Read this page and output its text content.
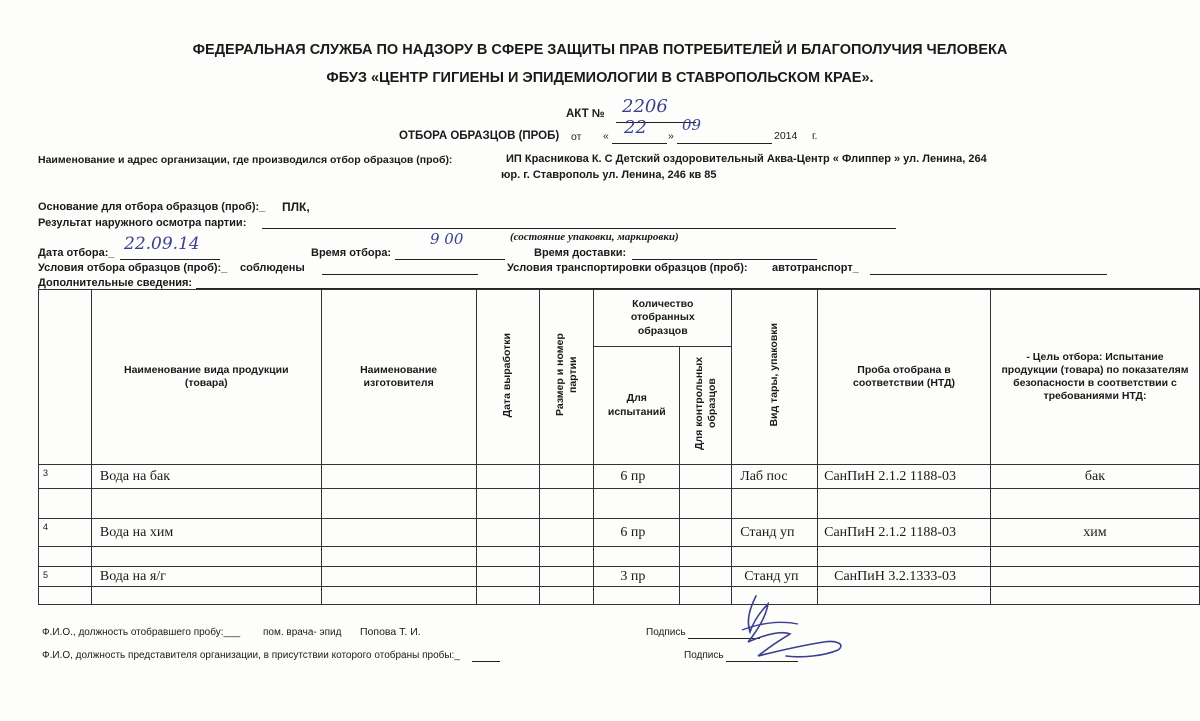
ФЕДЕРАЛЬНАЯ СЛУЖБА ПО НАДЗОРУ В СФЕРЕ ЗАЩИТЫ ПРАВ ПОТРЕБИТЕЛЕЙ И БЛАГОПОЛУЧИЯ ЧЕЛОВЕКА
ФБУЗ «ЦЕНТР ГИГИЕНЫ И ЭПИДЕМИОЛОГИИ В СТАВРОПОЛЬСКОМ КРАЕ».
АКТ № 2206
ОТБОРА ОБРАЗЦОВ (ПРОБ) от « 22 »
09
2014 г.
Наименование и адрес организации, где производился отбор образцов (проб):	ИП Красникова К. С Детский оздоровительный Аква-Центр « Флиппер » ул. Ленина, 264
юр. г. Ставрополь ул. Ленина, 246 кв 85
Основание для отбора образцов (проб):_ ПЛК,
Результат наружного осмотра партии:
(состояние упаковки, маркировки)
Дата отбора:_ 22.09.14	Время отбора:
9 00
Время доставки:
Условия отбора образцов (проб):_ соблюдены	Условия транспортировки образцов (проб): автотранспорт_
Дополнительные сведения:
	Наименование вида продукции (товара)	Наименование изготовителя	Дата выработки	Размер и номер партии	Количество отобранных образцов		Вид тары, упаковки	Проба отобрана в соответствии (НТД)	- Цель отбора: Испытание продукции (товара) по показателям безопасности в соответствии с требованиями НТД:
					Для испытаний	Для контрольных образцов			
3	Вода на бак				6 пр		Лаб пос	СанПиН 2.1.2 1188-03	бак

4	Вода на хим				6 пр		Станд уп	СанПиН 2.1.2 1188-03	хим

5	Вода на я/г				3 пр		Станд уп	СанПиН 3.2.1333-03	

Ф.И.О., должность отобравшего пробу:___ пом. врача- эпид Попова Т. И.	Подпись
Ф.И.О, должность представителя организации, в присутствии которого отобраны пробы:_	Подпись
